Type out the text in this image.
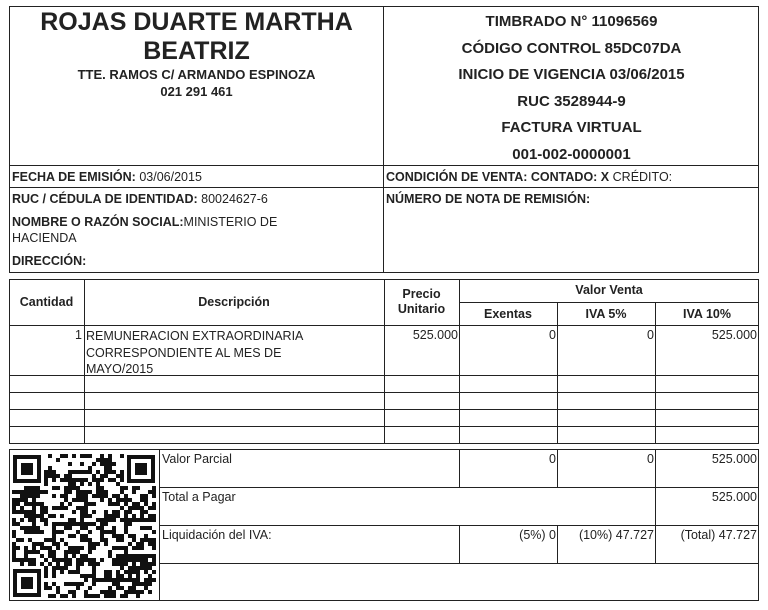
ROJAS DUARTE MARTHA
BEATRIZ
TTE. RAMOS C/ ARMANDO ESPINOZA
021 291 461
TIMBRADO N° 11096569
CÓDIGO CONTROL 85DC07DA
INICIO DE VIGENCIA 03/06/2015
RUC 3528944-9
FACTURA VIRTUAL
001-002-0000001
FECHA DE EMISIÓN: 03/06/2015	CONDICIÓN DE VENTA: CONTADO: X CRÉDITO:
RUC / CÉDULA DE IDENTIDAD: 80024627-6	NÚMERO DE NOTA DE REMISIÓN:
NOMBRE O RAZÓN SOCIAL:MINISTERIO DE
HACIENDA
DIRECCIÓN:
Cantidad	Descripción
Precio
Unitario
Valor Venta
Exentas	IVA 5%	IVA 10%
1 REMUNERACION EXTRAORDINARIA
CORRESPONDIENTE AL MES DE
MAYO/2015
525.000	0	0	525.000
Valor Parcial	0	0	525.000
Total a Pagar	525.000
Liquidación del IVA:	(5%) 0	(10%) 47.727	(Total) 47.727
